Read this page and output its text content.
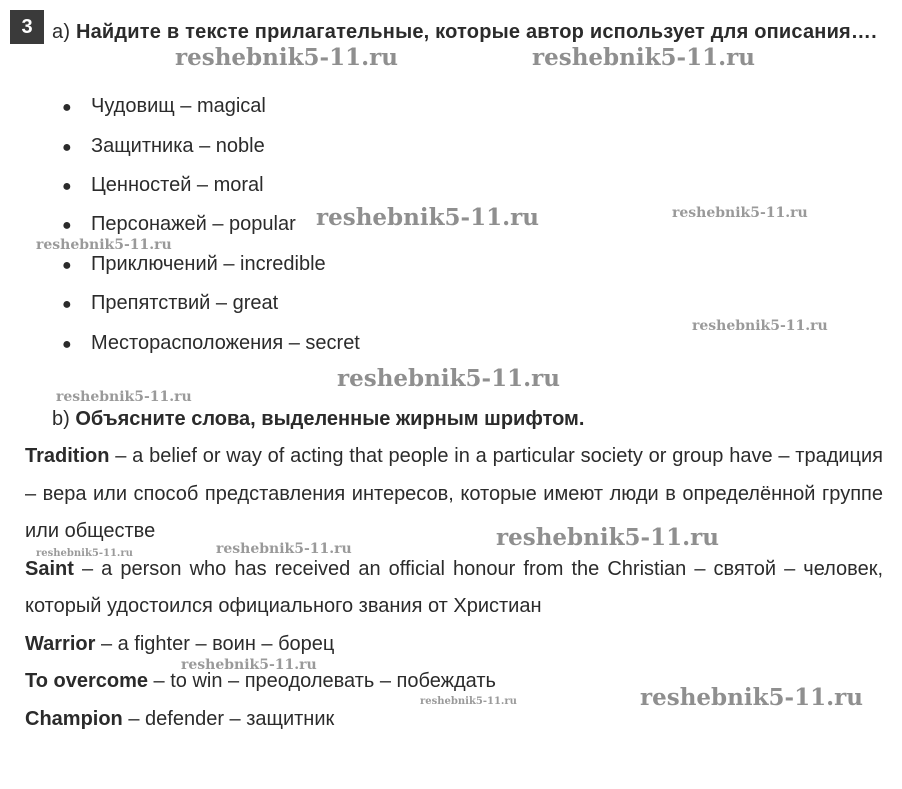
3 a) Найдите в тексте прилагательные, которые автор использует для описания….
● Чудовищ – magical
● Защитника – noble
● Ценностей – moral
● Персонажей – popular
● Приключений – incredible
● Препятствий – great
● Месторасположения – secret
b) Объясните слова, выделенные жирным шрифтом.

Tradition – a belief or way of acting that people in a particular society or group have – традиция – вера или способ представления интересов, которые имеют люди в определённой группе или обществе

Saint – a person who has received an official honour from the Christian – святой – человек, который удостоился официального звания от Христиан

Warrior – a fighter – воин – борец

To overcome – to win – преодолевать – побеждать

Champion – defender – защитник

reshebnik5-11.ru	reshebnik5-11.ru
reshebnik5-11.ru	reshebnik5-11.ru
reshebnik5-11.ru
reshebnik5-11.ru
reshebnik5-11.ru
reshebnik5-11.ru
reshebnik5-11.ru
reshebnik5-11.ru	reshebnik5-11.ru
reshebnik5-11.ru
reshebnik5-11.ru
reshebnik5-11.ru
